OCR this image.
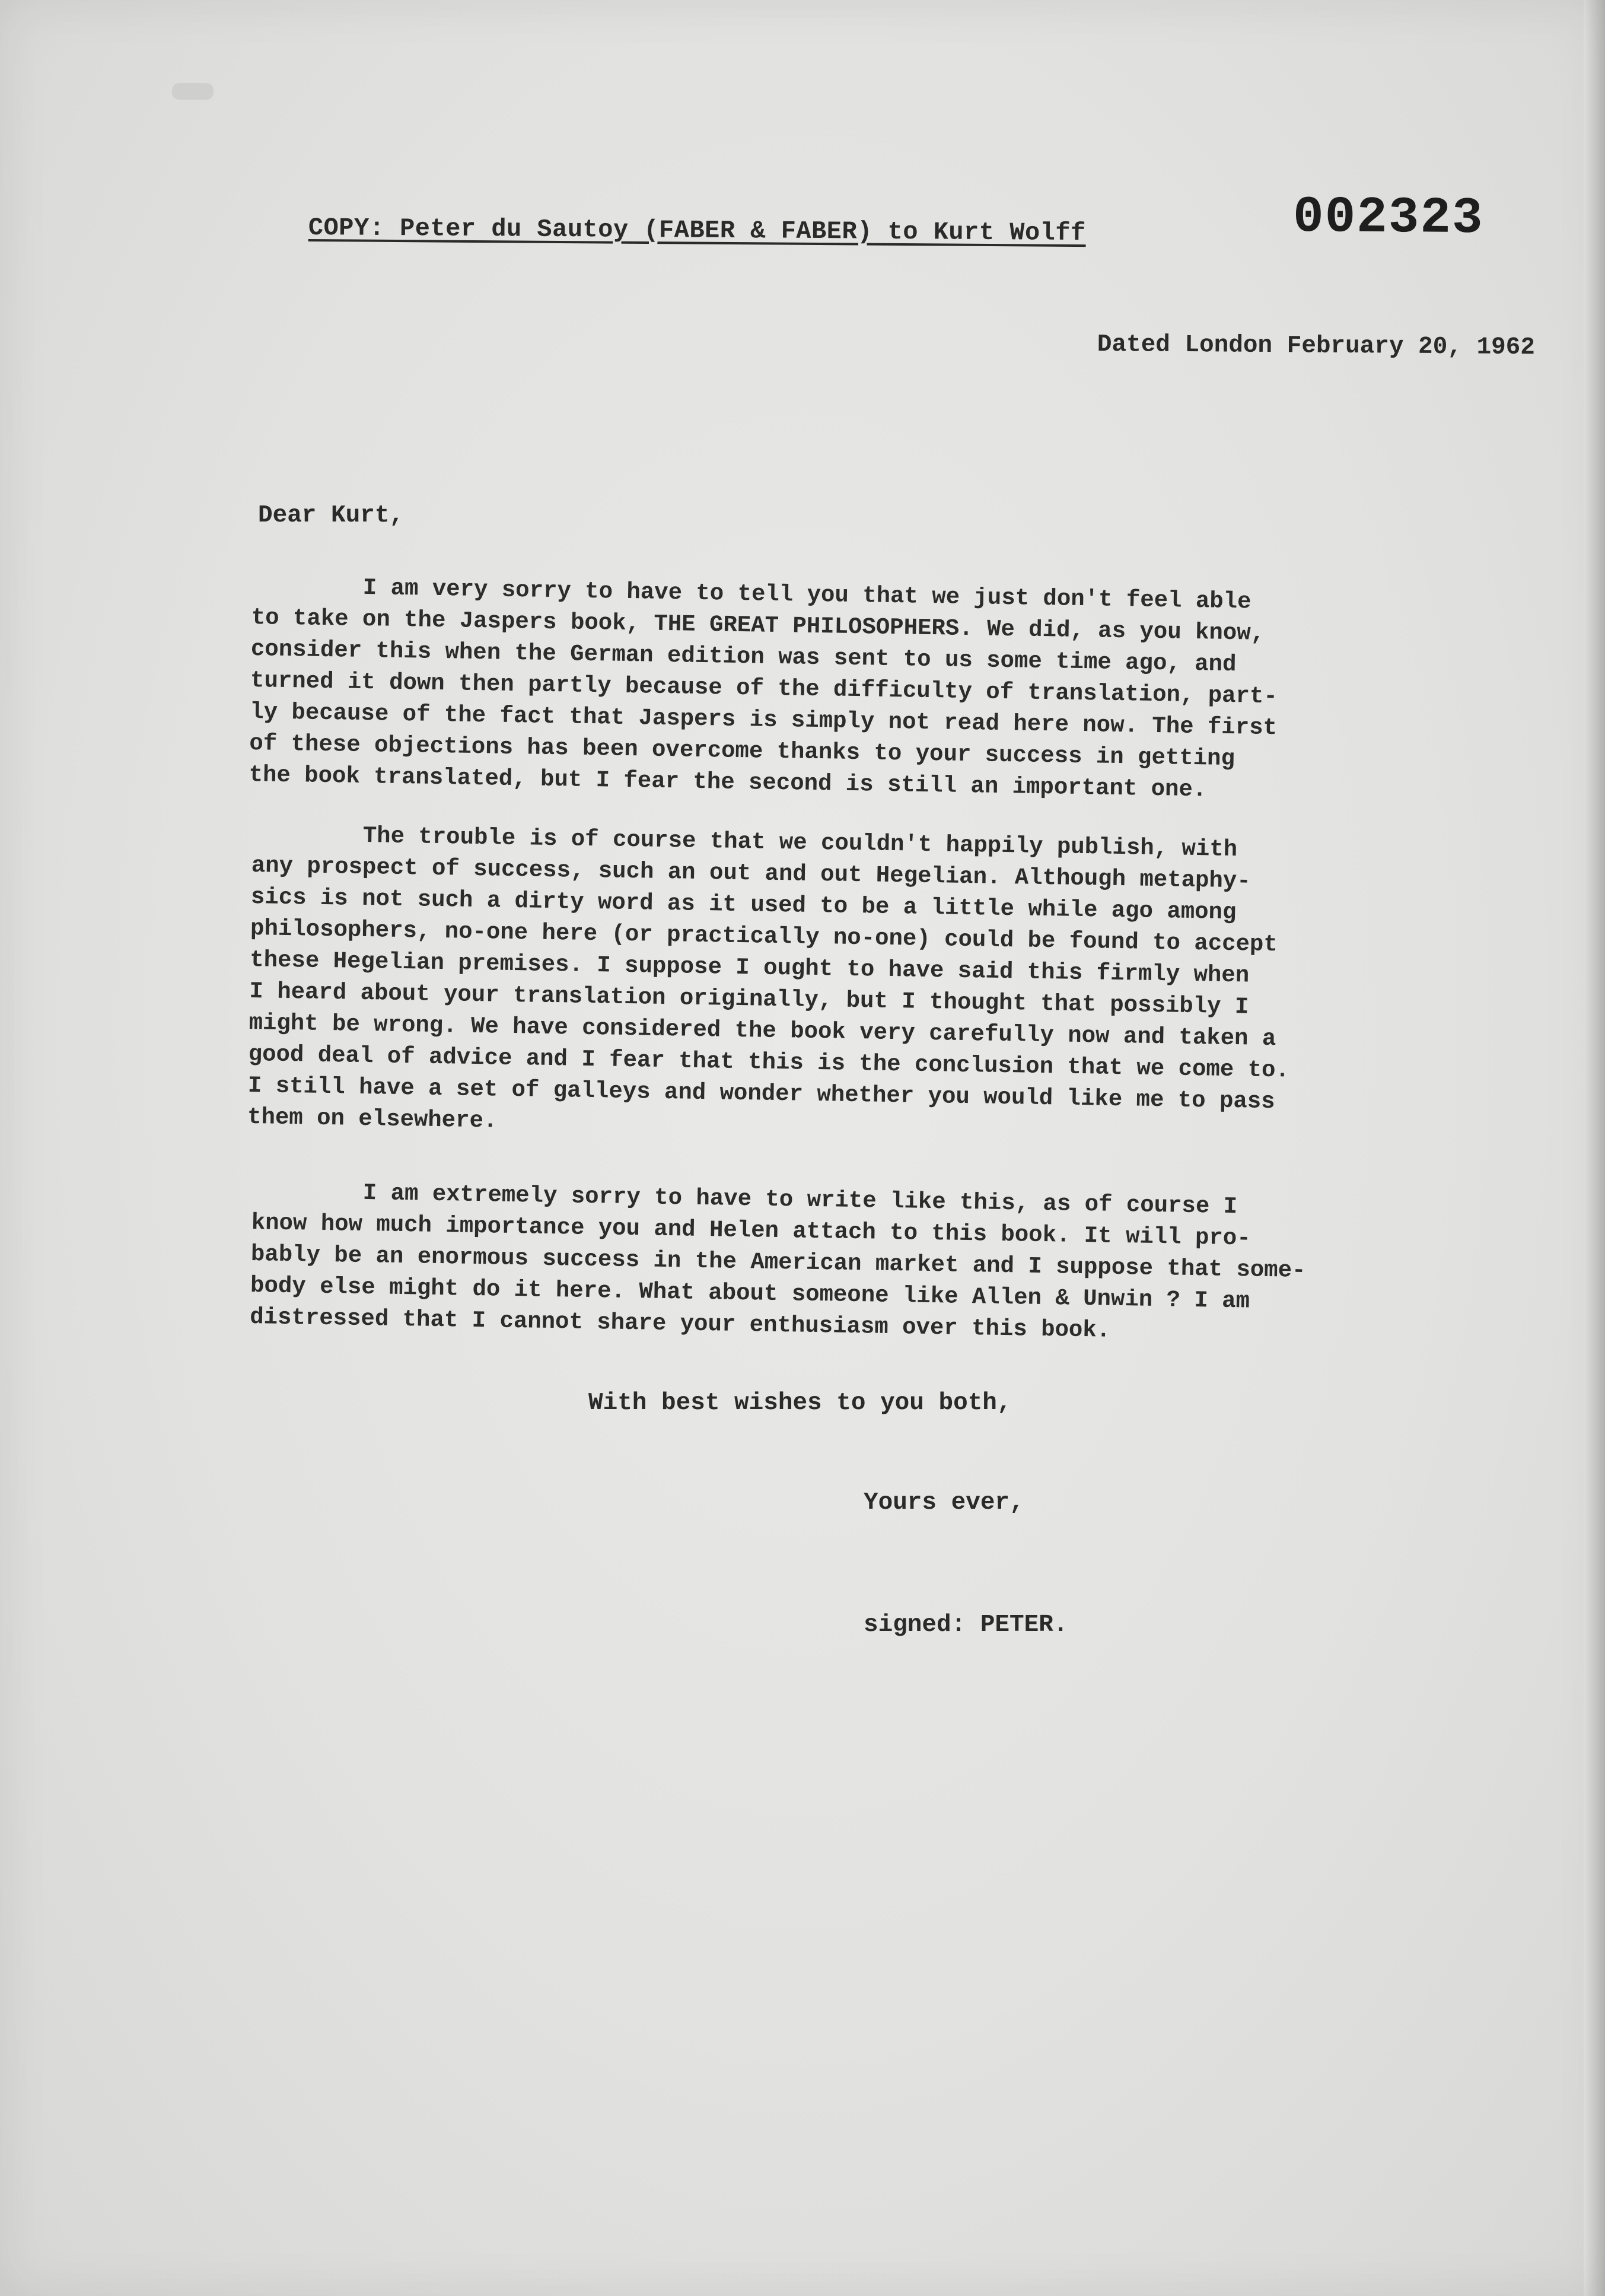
COPY: Peter du Sautoy (FABER & FABER) to Kurt Wolff	002323
Dated London February 20, 1962
Dear Kurt,

I am very sorry to have to tell you that we just don't feel able
to take on the Jaspers book, THE GREAT PHILOSOPHERS. We did, as you know,
consider this when the German edition was sent to us some time ago, and
turned it down then partly because of the difficulty of translation, part-
ly because of the fact that Jaspers is simply not read here now. The first
of these objections has been overcome thanks to your success in getting
the book translated, but I fear the second is still an important one.

The trouble is of course that we couldn't happily publish, with
any prospect of success, such an out and out Hegelian. Although metaphy-
sics is not such a dirty word as it used to be a little while ago among
philosophers, no-one here (or practically no-one) could be found to accept
these Hegelian premises. I suppose I ought to have said this firmly when
I heard about your translation originally, but I thought that possibly I
might be wrong. We have considered the book very carefully now and taken a
good deal of advice and I fear that this is the conclusion that we come to.
I still have a set of galleys and wonder whether you would like me to pass
them on elsewhere.

I am extremely sorry to have to write like this, as of course I
know how much importance you and Helen attach to this book. It will pro-
bably be an enormous success in the American market and I suppose that some-
body else might do it here. What about someone like Allen & Unwin ? I am
distressed that I cannot share your enthusiasm over this book.

With best wishes to you both,
Yours ever,
signed: PETER.
